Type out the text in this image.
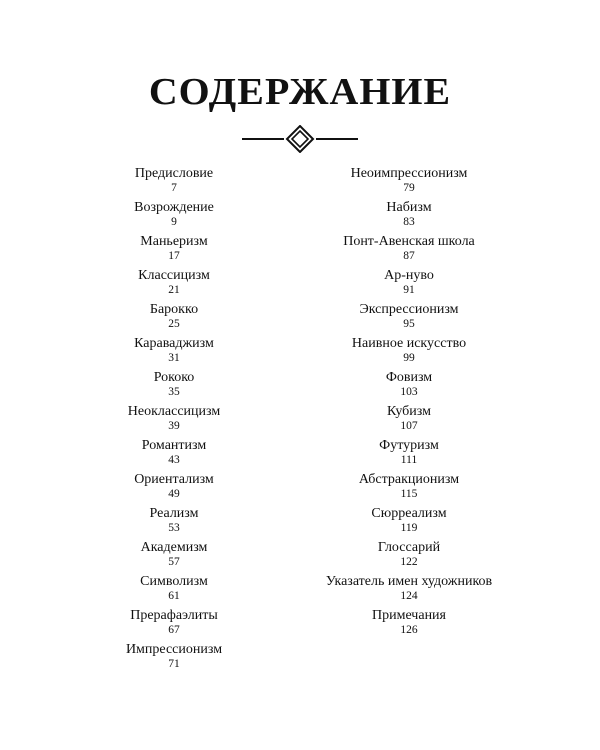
СОДЕРЖАНИЕ
Предисловие
7
Возрождение
9
Маньеризм
17
Классицизм
21
Барокко
25
Караваджизм
31
Рококо
35
Неоклассицизм
39
Романтизм
43
Ориентализм
49
Реализм
53
Академизм
57
Символизм
61
Прерафаэлиты
67
Импрессионизм
71
Неоимпрессионизм
79
Набизм
83
Понт-Авенская школа
87
Ар-нуво
91
Экспрессионизм
95
Наивное искусство
99
Фовизм
103
Кубизм
107
Футуризм
111
Абстракционизм
115
Сюрреализм
119
Глоссарий
122
Указатель имен художников
124
Примечания
126
